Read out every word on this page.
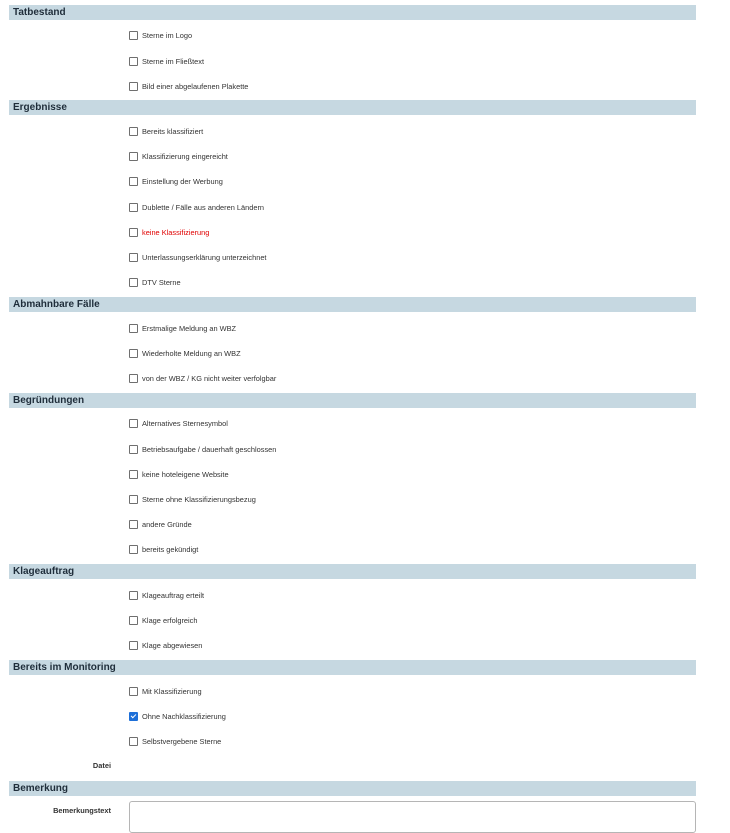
Tatbestand
Sterne im Logo
Sterne im Fließtext
Bild einer abgelaufenen Plakette
Ergebnisse
Bereits klassifiziert
Klassifizierung eingereicht
Einstellung der Werbung
Dublette / Fälle aus anderen Ländern
keine Klassifizierung
Unterlassungserklärung unterzeichnet
DTV Sterne
Abmahnbare Fälle
Erstmalige Meldung an WBZ
Wiederholte Meldung an WBZ
von der WBZ / KG nicht weiter verfolgbar
Begründungen
Alternatives Sternesymbol
Betriebsaufgabe / dauerhaft geschlossen
keine hoteleigene Website
Sterne ohne Klassifizierungsbezug
andere Gründe
bereits gekündigt
Klageauftrag
Klageauftrag erteilt
Klage erfolgreich
Klage abgewiesen
Bereits im Monitoring
Mit Klassifizierung
Ohne Nachklassifizierung
Selbstvergebene Sterne
Datei
Bemerkung
Bemerkungstext
